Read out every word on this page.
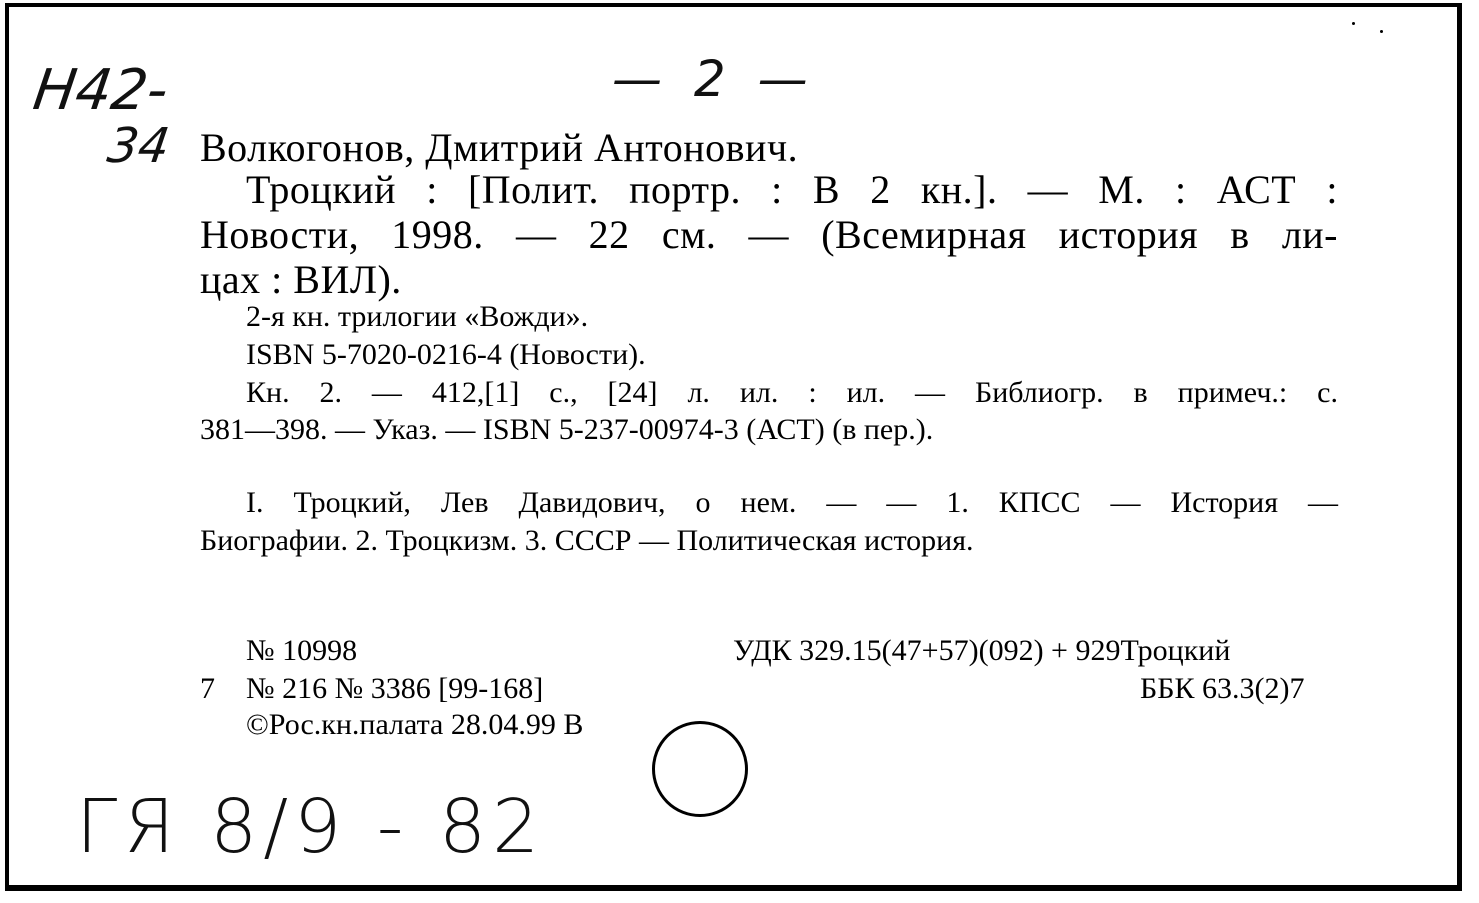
Н42-
34
— 2 —
Волкогонов, Дмитрий Антонович.
Троцкий : [Полит. портр. : В 2 кн.]. — М. : АСТ :
Новости, 1998. — 22 см. — (Всемирная история в ли-
цах : ВИЛ).
2-я кн. трилогии «Вожди».
ISBN 5-7020-0216-4 (Новости).
Кн. 2. — 412,[1] с., [24] л. ил. : ил. — Библиогр. в примеч.: с.
381—398. — Указ. — ISBN 5-237-00974-3 (АСТ) (в пер.).
I. Троцкий, Лев Давидович, о нем. — — 1. КПСС — История —
Биографии. 2. Троцкизм. 3. СССР — Политическая история.
№ 10998	УДК 329.15(47+57)(092) + 929Троцкий
7 № 216 № 3386 [99-168]	ББК 63.3(2)7
©Рос.кн.палата 28.04.99 В
ГЯ 8/9 - 82
